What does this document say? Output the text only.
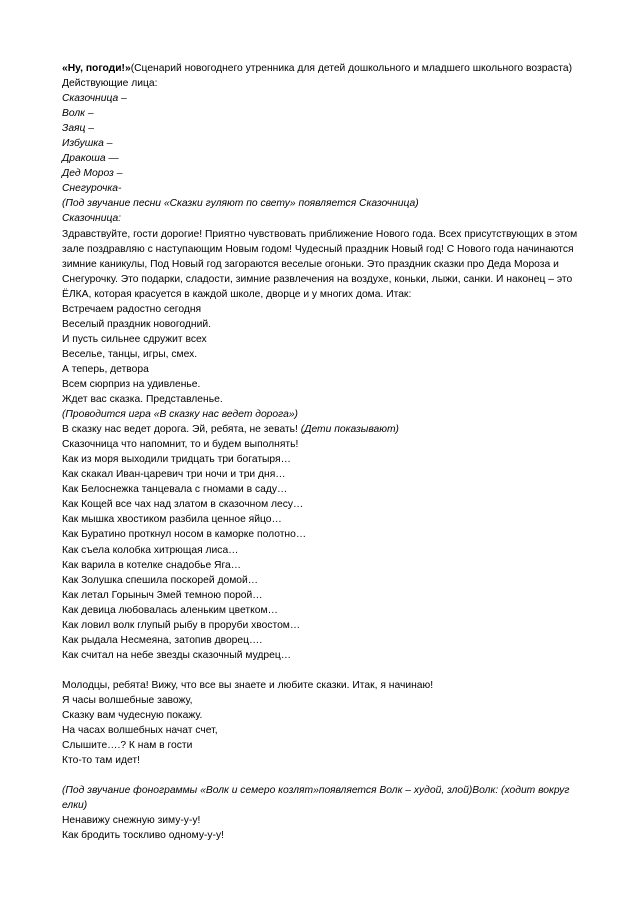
«Ну, погоди!»(Сценарий новогоднего утренника для детей дошкольного и младшего школьного возраста)
Действующие лица:
Сказочница –
Волк –
Заяц –
Избушка –
Дракоша —
Дед Мороз –
Снегурочка-
(Под звучание песни «Сказки гуляют по свету» появляется Сказочница)
Сказочница:
Здравствуйте, гости дорогие! Приятно чувствовать приближение Нового года. Всех присутствующих в этом зале поздравляю с наступающим Новым годом! Чудесный праздник Новый год! С Нового года начинаются зимние каникулы, Под Новый год загораются веселые огоньки. Это праздник сказки про Деда Мороза и Снегурочку. Это подарки, сладости, зимние развлечения на воздухе, коньки, лыжи, санки. И наконец – это ЁЛКА, которая красуется в каждой школе, дворце и у многих дома. Итак:
Встречаем радостно сегодня
Веселый праздник новогодний.
И пусть сильнее сдружит всех
Веселье, танцы, игры, смех.
А теперь, детвора
Всем сюрприз на удивленье.
Ждет вас сказка. Представленье.
(Проводится игра «В сказку нас ведет дорога»)
В сказку нас ведет дорога. Эй, ребята, не зевать! (Дети показывают)
Сказочница что напомнит, то и будем выполнять!
Как из моря выходили тридцать три богатыря…
Как скакал Иван-царевич три ночи и три дня…
Как Белоснежка танцевала с гномами в саду…
Как Кощей все чах над златом в сказочном лесу…
Как мышка хвостиком разбила ценное яйцо…
Как Буратино проткнул носом в каморке полотно…
Как съела колобка хитрющая лиса…
Как варила в котелке снадобье Яга…
Как Золушка спешила поскорей домой…
Как летал Горыныч Змей темною порой…
Как девица любовалась аленьким цветком…
Как ловил волк глупый рыбу в проруби хвостом…
Как рыдала Несмеяна, затопив дворец….
Как считал на небе звезды сказочный мудрец…
Молодцы, ребята! Вижу, что все вы знаете и любите сказки. Итак, я начинаю!
Я часы волшебные завожу,
Сказку вам чудесную покажу.
На часах волшебных начат счет,
Слышите….? К нам в гости
Кто-то там идет!
(Под звучание фонограммы «Волк и семеро козлят»появляется Волк – худой, злой)Волк: (ходит вокруг елки)
Ненавижу снежную зиму-у-у!
Как бродить тоскливо одному-у-у!
